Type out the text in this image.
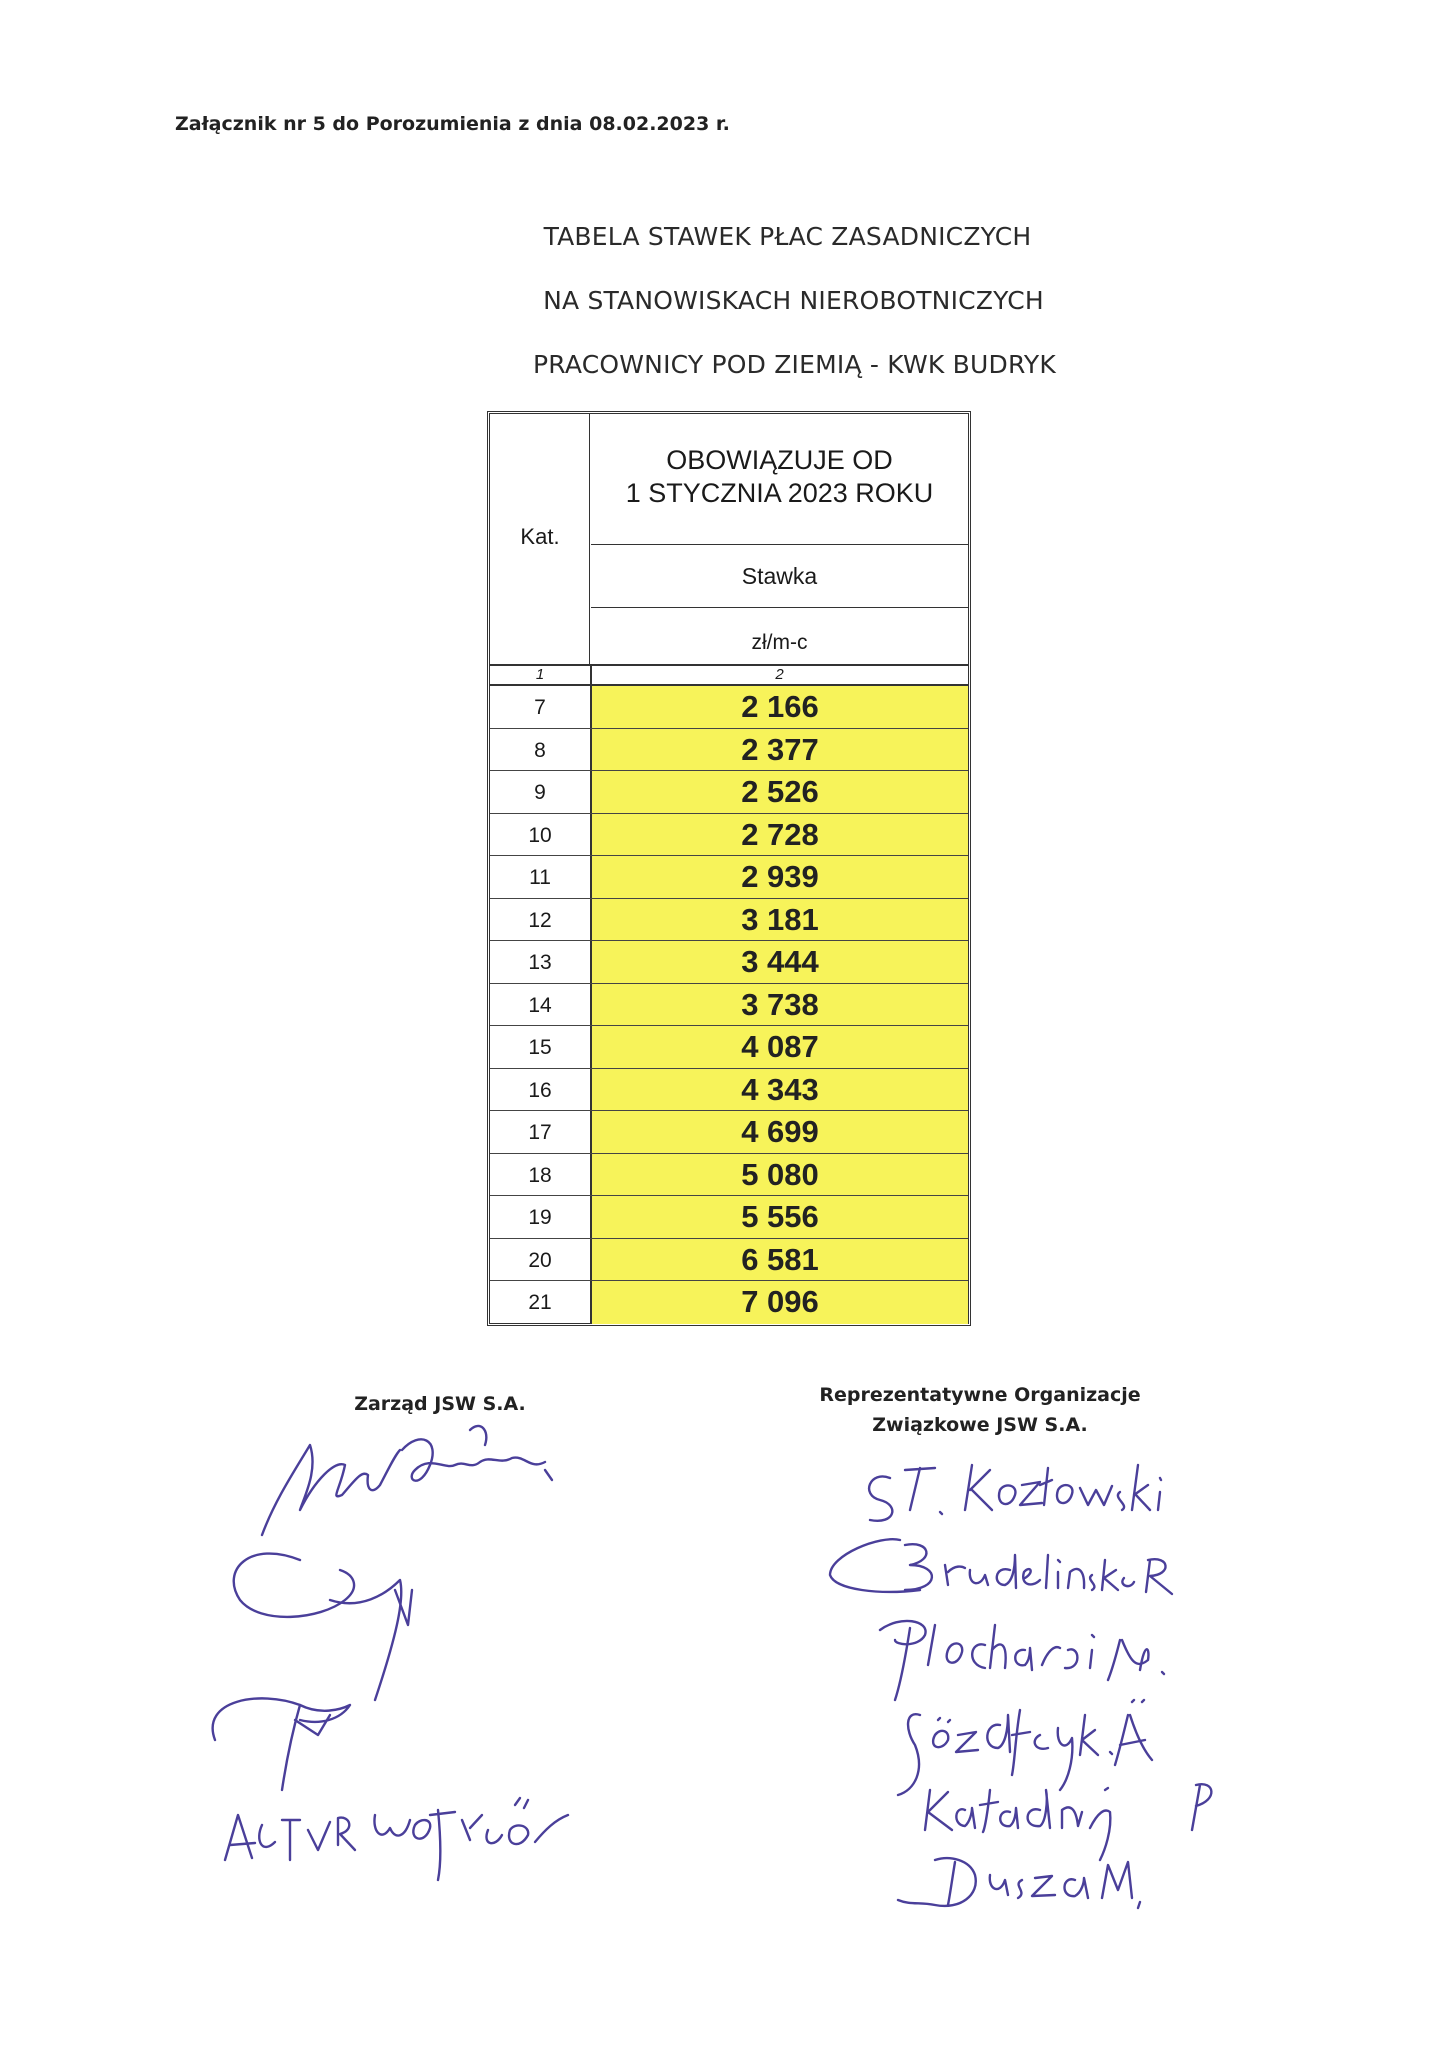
Załącznik nr 5 do Porozumienia z dnia 08.02.2023 r.
TABELA STAWEK PŁAC ZASADNICZYCH
NA STANOWISKACH NIEROBOTNICZYCH
PRACOWNICY POD ZIEMIĄ - KWK BUDRYK
Kat.
OBOWIĄZUJE OD
1 STYCZNIA 2023 ROKU
Stawka
zł/m-c
1	2
7	2 166
8	2 377
9	2 526
10	2 728
11	2 939
12	3 181
13	3 444
14	3 738
15	4 087
16	4 343
17	4 699
18	5 080
19	5 556
20	6 581
21	7 096
Zarząd JSW S.A.	Reprezentatywne Organizacje
Związkowe JSW S.A.
